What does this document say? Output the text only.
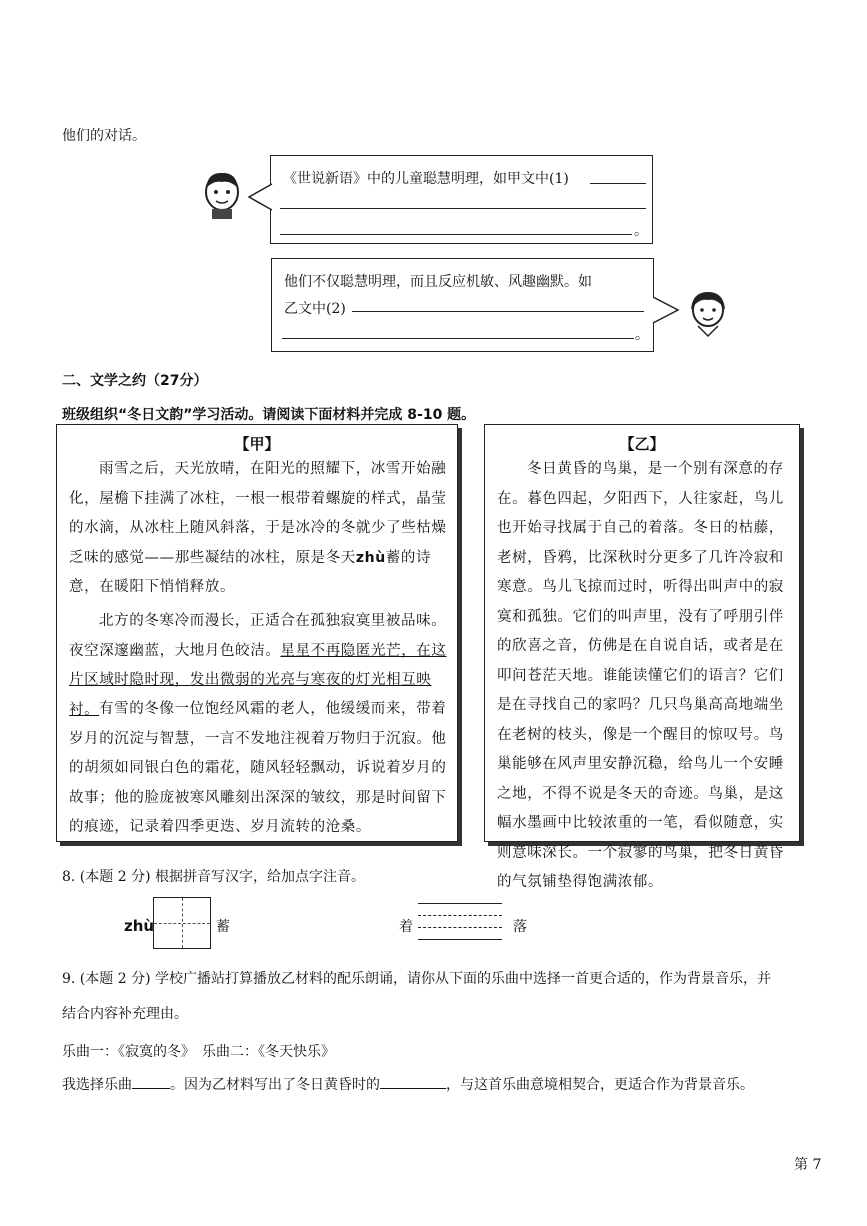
他们的对话。
《世说新语》中的儿童聪慧明理，如甲文中(1)
。
他们不仅聪慧明理，而且反应机敏、风趣幽默。如
乙文中(2)
。
二、文学之约（27分）
班级组织“冬日文韵”学习活动。请阅读下面材料并完成 8-10 题。
【甲】
雨雪之后，天光放晴，在阳光的照耀下，冰雪开始融化，屋檐下挂满了冰柱，一根一根带着螺旋的样式，晶莹的水滴，从冰柱上随风斜落，于是冰冷的冬就少了些枯燥乏味的感觉——那些凝结的冰柱，原是冬天zhù蓄的诗意，在暖阳下悄悄释放。
北方的冬寒冷而漫长，正适合在孤独寂寞里被品味。夜空深邃幽蓝，大地月色皎洁。星星不再隐匿光芒，在这片区域时隐时现，发出微弱的光亮与寒夜的灯光相互映衬。 有雪的冬像一位饱经风霜的老人，他缓缓而来，带着岁月的沉淀与智慧，一言不发地注视着万物归于沉寂。他的胡须如同银白色的霜花，随风轻轻飘动，诉说着岁月的故事；他的脸庞被寒风雕刻出深深的皱纹，那是时间留下的痕迹，记录着四季更迭、岁月流转的沧桑。
【乙】
冬日黄昏的鸟巢，是一个别有深意的存在。暮色四起，夕阳西下，人往家赶，鸟儿也开始寻找属于自己的着落。冬日的枯藤，老树，昏鸦，比深秋时分更多了几许冷寂和寒意。鸟儿飞掠而过时，听得出叫声中的寂寞和孤独。它们的叫声里，没有了呼朋引伴的欣喜之音，仿佛是在自说自话，或者是在叩问苍茫天地。谁能读懂它们的语言？它们是在寻找自己的家吗？几只鸟巢高高地端坐在老树的枝头，像是一个醒目的惊叹号。鸟巢能够在风声里安静沉稳，给鸟儿一个安睡之地，不得不说是冬天的奇迹。鸟巢，是这幅水墨画中比较浓重的一笔，看似随意，实则意味深长。一个寂寥的鸟巢，把冬日黄昏的气氛铺垫得饱满浓郁。
8. (本题 2 分) 根据拼音写汉字，给加点字注音。
zhù	蓄	着	落
9. (本题 2 分) 学校广播站打算播放乙材料的配乐朗诵，请你从下面的乐曲中选择一首更合适的，作为背景音乐，并
结合内容补充理由。
乐曲一：《寂寞的冬》　乐曲二：《冬天快乐》
我选择乐曲	。因为乙材料写出了冬日黄昏时的	，与这首乐曲意境相契合，更适合作为背景音乐。
第 7
